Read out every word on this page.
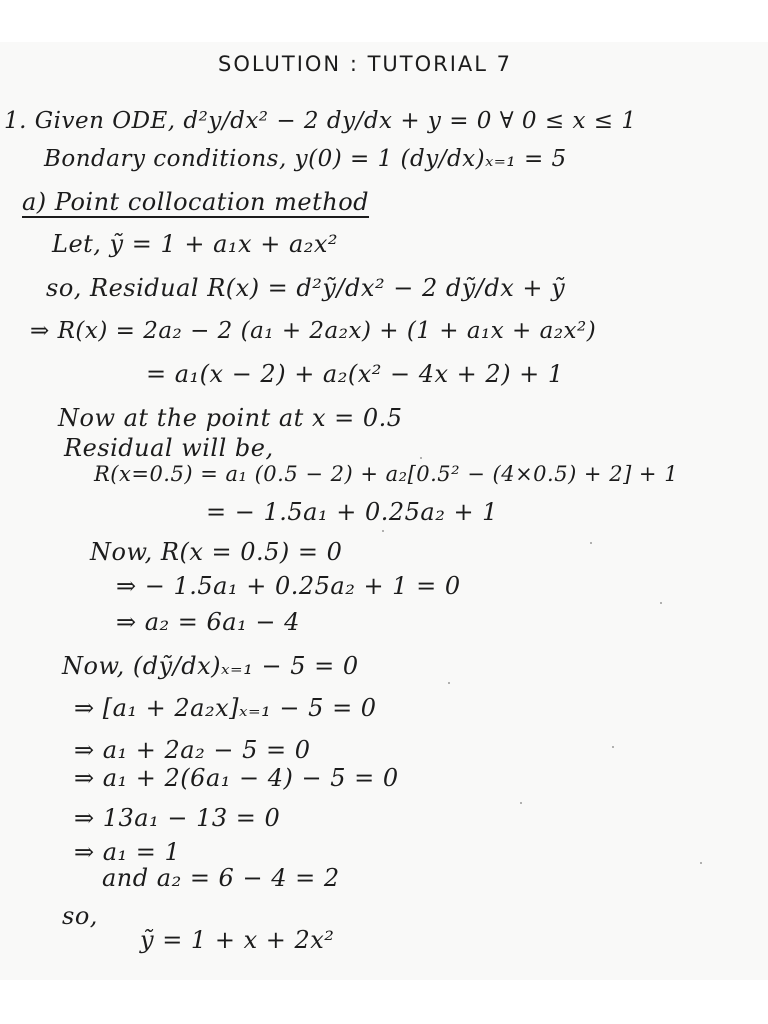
SOLUTION : TUTORIAL 7
1. Given ODE, d²y/dx² − 2 dy/dx + y = 0 ∀ 0 ≤ x ≤ 1
Bondary conditions, y(0) = 1 (dy/dx)ₓ₌₁ = 5
a) Point collocation method
Let, ỹ = 1 + a₁x + a₂x²
so, Residual R(x) = d²ỹ/dx² − 2 dỹ/dx + ỹ
⇒ R(x) = 2a₂ − 2 (a₁ + 2a₂x) + (1 + a₁x + a₂x²)
= a₁(x − 2) + a₂(x² − 4x + 2) + 1
Now at the point at x = 0.5
Residual will be,
R(x=0.5) = a₁ (0.5 − 2) + a₂[0.5² − (4×0.5) + 2] + 1
= − 1.5a₁ + 0.25a₂ + 1
Now, R(x = 0.5) = 0
⇒ − 1.5a₁ + 0.25a₂ + 1 = 0
⇒ a₂ = 6a₁ − 4
Now, (dỹ/dx)ₓ₌₁ − 5 = 0
⇒ [a₁ + 2a₂x]ₓ₌₁ − 5 = 0
⇒ a₁ + 2a₂ − 5 = 0
⇒ a₁ + 2(6a₁ − 4) − 5 = 0
⇒ 13a₁ − 13 = 0
⇒ a₁ = 1
and a₂ = 6 − 4 = 2
so,
ỹ = 1 + x + 2x²
